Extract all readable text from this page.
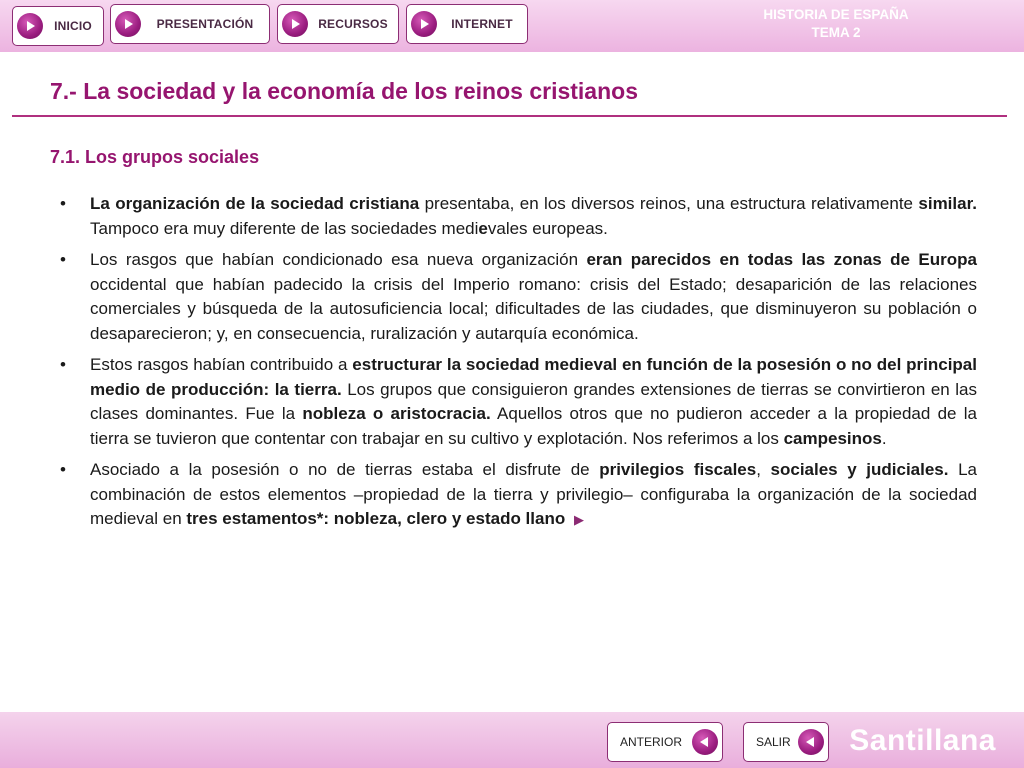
INICIO	PRESENTACIÓN	RECURSOS	INTERNET
HISTORIA DE ESPAÑA
TEMA 2
7.- La sociedad y la economía de los reinos cristianos
7.1. Los grupos sociales
•	La organización de la sociedad cristiana presentaba, en los diversos reinos, una estructura relativamente similar. Tampoco era muy diferente de las sociedades medievales europeas.

•	Los rasgos que habían condicionado esa nueva organización eran parecidos en todas las zonas de Europa occidental que habían padecido la crisis del Imperio romano: crisis del Estado; desaparición de las relaciones comerciales y búsqueda de la autosuficiencia local; dificultades de las ciudades, que disminuyeron su población o desaparecieron; y, en consecuencia, ruralización y autarquía económica.

•	Estos rasgos habían contribuido a estructurar la sociedad medieval en función de la posesión o no del principal medio de producción: la tierra. Los grupos que consiguieron grandes extensiones de tierras se convirtieron en las clases dominantes. Fue la nobleza o aristocracia. Aquellos otros que no pudieron acceder a la propiedad de la tierra se tuvieron que contentar con trabajar en su cultivo y explotación. Nos referimos a los campesinos.

•	Asociado a la posesión o no de tierras estaba el disfrute de privilegios fiscales, sociales y judiciales. La combinación de estos elementos –propiedad de la tierra y privilegio– configuraba la organización de la sociedad medieval en tres estamentos*: nobleza, clero y estado llano ▶

ANTERIOR	SALIR Santillana
